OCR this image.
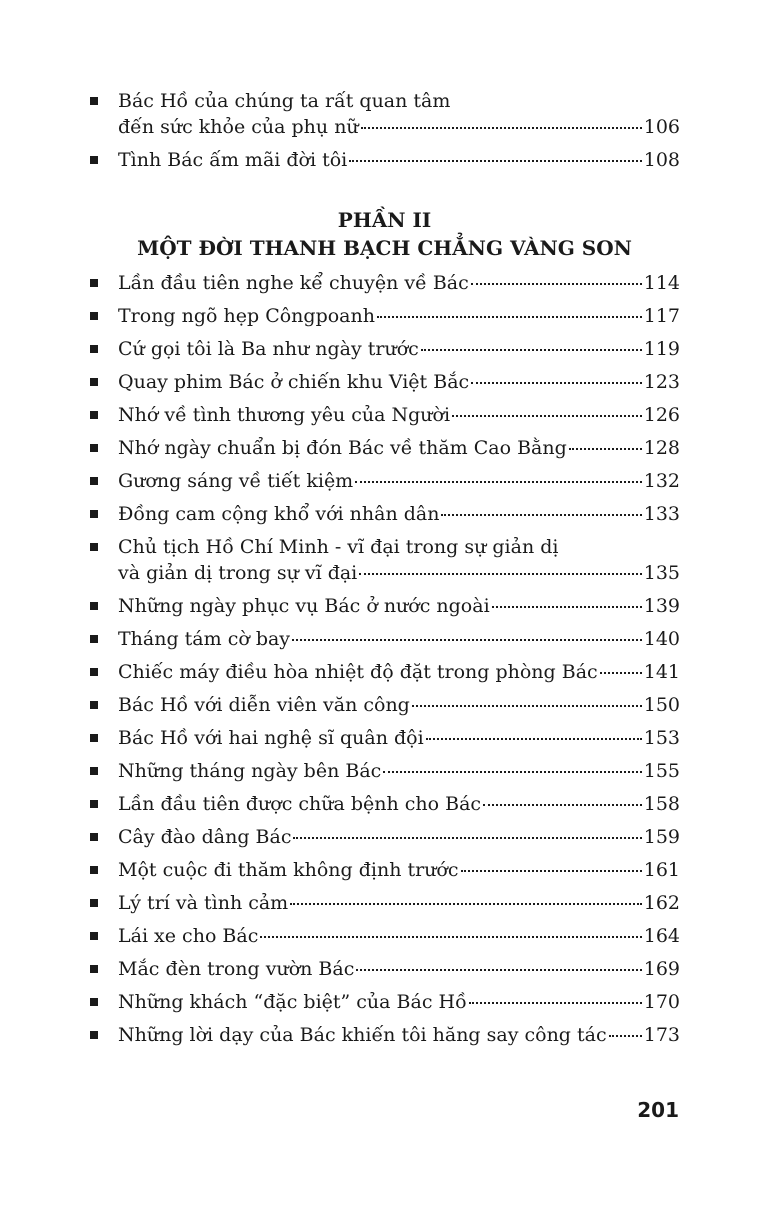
Bác Hồ của chúng ta rất quan tâm
đến sức khỏe của phụ nữ	106
Tình Bác ấm mãi đời tôi	108
PHẦN II
MỘT ĐỜI THANH BẠCH CHẲNG VÀNG SON
Lần đầu tiên nghe kể chuyện về Bác	114
Trong ngõ hẹp Côngpoanh	117
Cứ gọi tôi là Ba như ngày trước	119
Quay phim Bác ở chiến khu Việt Bắc	123
Nhớ về tình thương yêu của Người	126
Nhớ ngày chuẩn bị đón Bác về thăm Cao Bằng	128
Gương sáng về tiết kiệm	132
Đồng cam cộng khổ với nhân dân	133
Chủ tịch Hồ Chí Minh - vĩ đại trong sự giản dị
và giản dị trong sự vĩ đại	135
Những ngày phục vụ Bác ở nước ngoài	139
Tháng tám cờ bay	140
Chiếc máy điều hòa nhiệt độ đặt trong phòng Bác 141
Bác Hồ với diễn viên văn công	150
Bác Hồ với hai nghệ sĩ quân đội	153
Những tháng ngày bên Bác	155
Lần đầu tiên được chữa bệnh cho Bác	158
Cây đào dâng Bác	159
Một cuộc đi thăm không định trước	161
Lý trí và tình cảm	162
Lái xe cho Bác	164
Mắc đèn trong vườn Bác	169
Những khách “đặc biệt” của Bác Hồ	170
Những lời dạy của Bác khiến tôi hăng say công tác 173
201
